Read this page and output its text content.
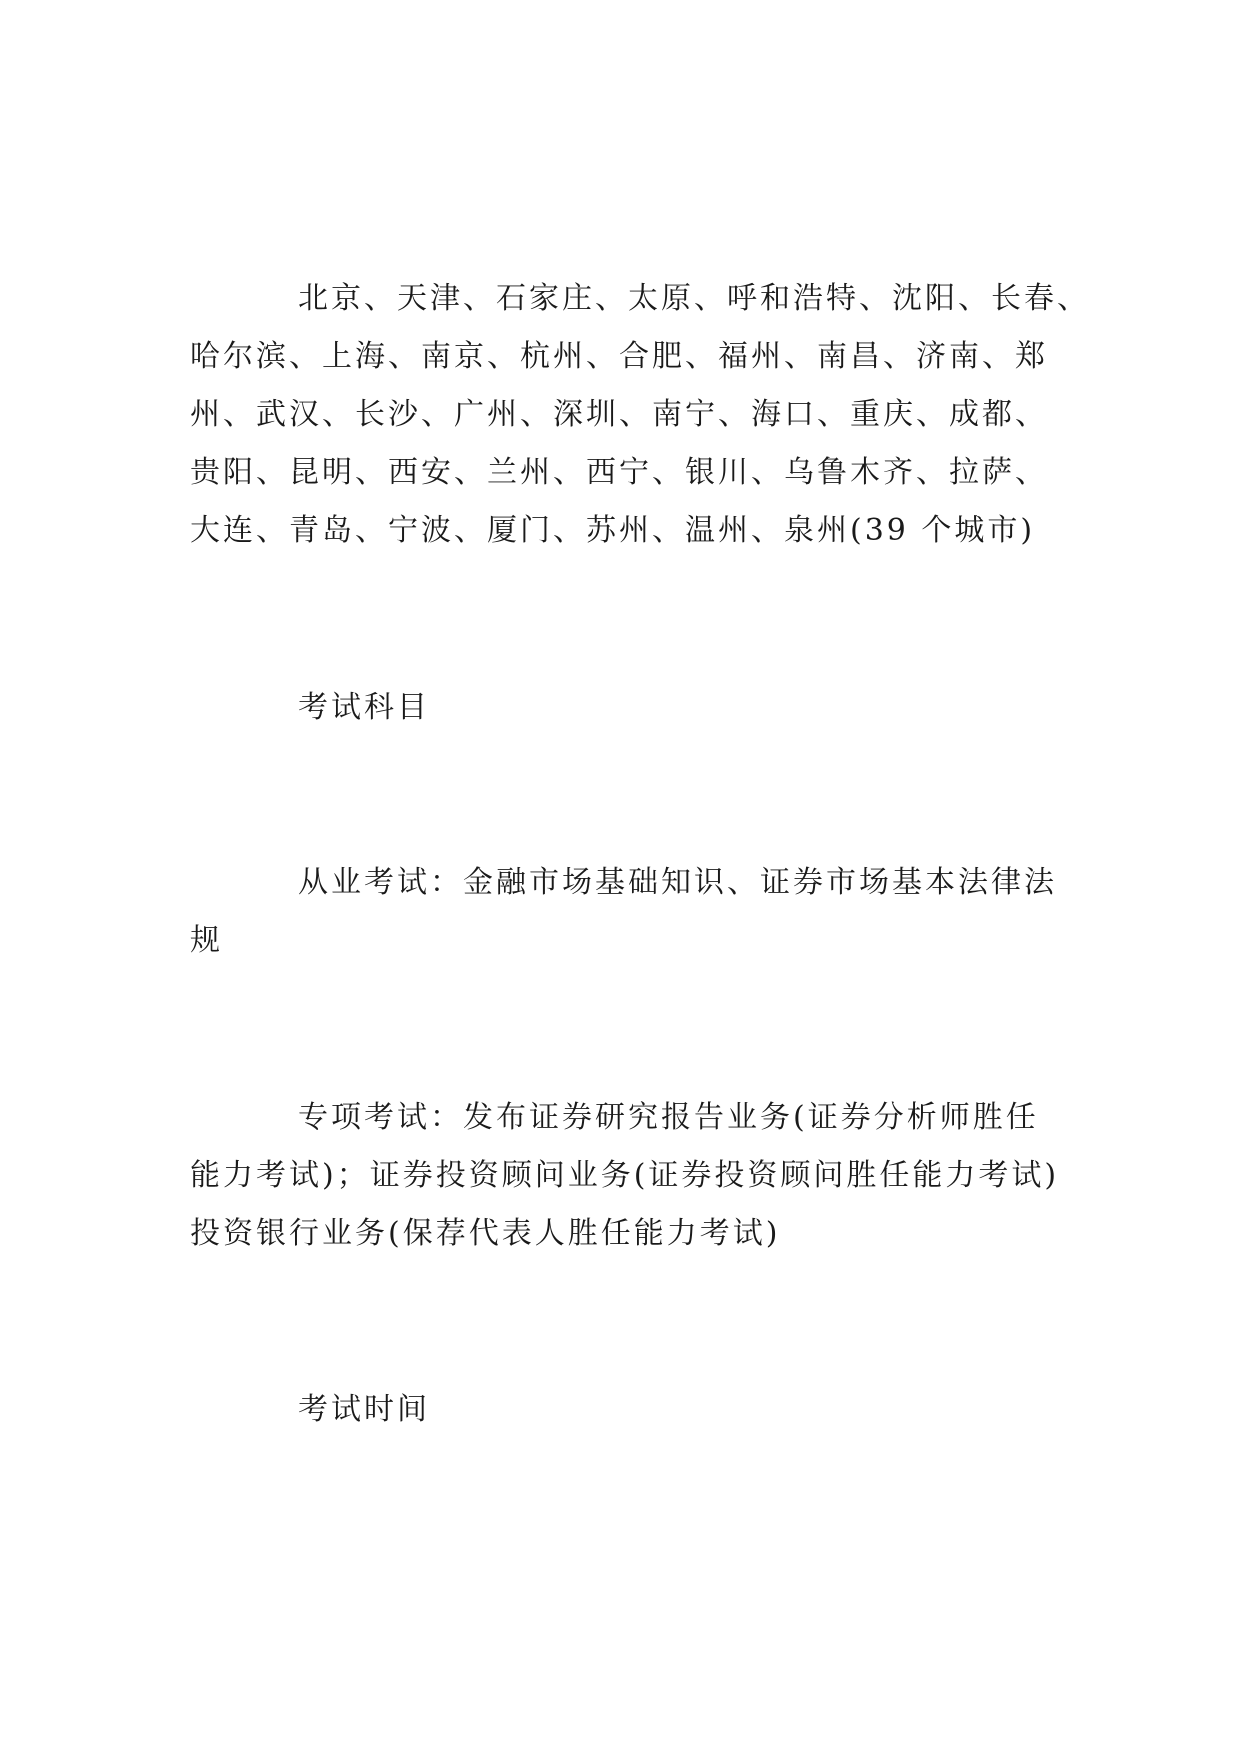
北京、天津、石家庄、太原、呼和浩特、沈阳、长春、
哈尔滨、上海、南京、杭州、合肥、福州、南昌、济南、郑
州、武汉、长沙、广州、深圳、南宁、海口、重庆、成都、
贵阳、昆明、西安、兰州、西宁、银川、乌鲁木齐、拉萨、
大连、青岛、宁波、厦门、苏州、温州、泉州(39 个城市)
考试科目
从业考试：金融市场基础知识、证券市场基本法律法
规
专项考试：发布证券研究报告业务(证券分析师胜任
能力考试)；证券投资顾问业务(证券投资顾问胜任能力考试)
投资银行业务(保荐代表人胜任能力考试)
考试时间
